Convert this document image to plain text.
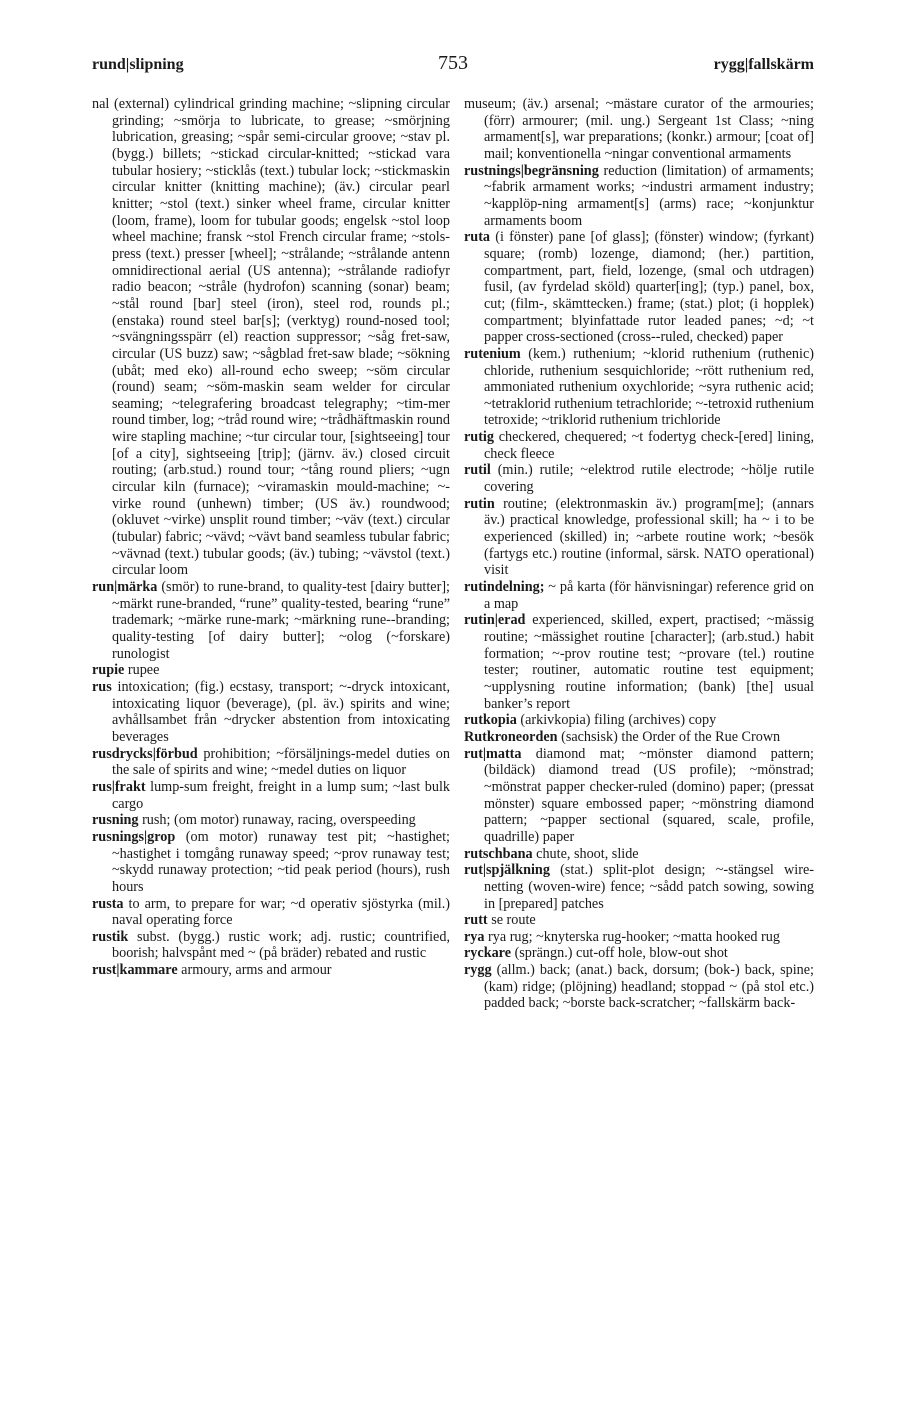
rund|slipning	753	rygg|fallskärm

nal (external) cylindrical grinding machine; ~slipning circular grinding; ~smörja to lubricate, to grease; ~smörjning lubrication, greasing; ~spår semi-circular groove; ~stav pl. (bygg.) billets; ~stickad circular-knitted; ~stickad vara tubular hosiery; ~sticklås (text.) tubular lock; ~stickmaskin circular knitter (knitting machine); (äv.) circular pearl knitter; ~stol (text.) sinker wheel frame, circular knitter (loom, frame), loom for tubular goods; engelsk ~stol loop wheel machine; fransk ~stol French circular frame; ~stols-press (text.) presser [wheel]; ~strålande; ~strålande antenn omnidirectional aerial (US antenna); ~strålande radiofyr radio beacon; ~stråle (hydrofon) scanning (sonar) beam; ~stål round [bar] steel (iron), steel rod, rounds pl.; (enstaka) round steel bar[s]; (verktyg) round-nosed tool; ~svängningsspärr (el) reaction suppressor; ~såg fret-saw, circular (US buzz) saw; ~sågblad fret-saw blade; ~sökning (ubåt; med eko) all-round echo sweep; ~söm circular (round) seam; ~söm-maskin seam welder for circular seaming; ~telegrafering broadcast telegraphy; ~tim-mer round timber, log; ~tråd round wire; ~trådhäftmaskin round wire stapling machine; ~tur circular tour, [sightseeing] tour [of a city], sightseeing [trip]; (järnv. äv.) closed circuit routing; (arb.stud.) round tour; ~tång round pliers; ~ugn circular kiln (furnace); ~viramaskin mould-machine; ~-virke round (unhewn) timber; (US äv.) roundwood; (okluvet ~virke) unsplit round timber; ~väv (text.) circular (tubular) fabric; ~vävd; ~vävt band seamless tubular fabric; ~vävnad (text.) tubular goods; (äv.) tubing; ~vävstol (text.) circular loom

run|märka (smör) to rune-brand, to quality-test [dairy butter]; ~märkt rune-branded, “rune” quality-tested, bearing “rune” trademark; ~märke rune-mark; ~märkning rune--branding; quality-testing [of dairy butter]; ~olog (~forskare) runologist

rupie rupee

rus intoxication; (fig.) ecstasy, transport; ~-dryck intoxicant, intoxicating liquor (beverage), (pl. äv.) spirits and wine; avhållsambet från ~drycker abstention from intoxicating beverages

rusdrycks|förbud prohibition; ~försäljnings-medel duties on the sale of spirits and wine; ~medel duties on liquor

rus|frakt lump-sum freight, freight in a lump sum; ~last bulk cargo

rusning rush; (om motor) runaway, racing, overspeeding

rusnings|grop (om motor) runaway test pit; ~hastighet; ~hastighet i tomgång runaway speed; ~prov runaway test; ~skydd runaway protection; ~tid peak period (hours), rush hours

rusta to arm, to prepare for war; ~d operativ sjöstyrka (mil.) naval operating force

rustik subst. (bygg.) rustic work; adj. rustic; countrified, boorish; halvspånt med ~ (på bräder) rebated and rustic

rust|kammare armoury, arms and armour

museum; (äv.) arsenal; ~mästare curator of the armouries; (förr) armourer; (mil. ung.) Sergeant 1st Class; ~ning armament[s], war preparations; (konkr.) armour; [coat of] mail; konventionella ~ningar conventional armaments

rustnings|begränsning reduction (limitation) of armaments; ~fabrik armament works; ~industri armament industry; ~kapplöp-ning armament[s] (arms) race; ~konjunktur armaments boom

ruta (i fönster) pane [of glass]; (fönster) window; (fyrkant) square; (romb) lozenge, diamond; (her.) partition, compartment, part, field, lozenge, (smal och utdragen) fusil, (av fyrdelad sköld) quarter[ing]; (typ.) panel, box, cut; (film-, skämttecken.) frame; (stat.) plot; (i hopplek) compartment; blyinfattade rutor leaded panes; ~d; ~t papper cross-sectioned (cross--ruled, checked) paper

rutenium (kem.) ruthenium; ~klorid ruthenium (ruthenic) chloride, ruthenium sesquichloride; ~rött ruthenium red, ammoniated ruthenium oxychloride; ~syra ruthenic acid; ~tetraklorid ruthenium tetrachloride; ~-tetroxid ruthenium tetroxide; ~triklorid ruthenium trichloride

rutig checkered, chequered; ~t fodertyg check-[ered] lining, check fleece

rutil (min.) rutile; ~elektrod rutile electrode; ~hölje rutile covering

rutin routine; (elektronmaskin äv.) program[me]; (annars äv.) practical knowledge, professional skill; ha ~ i to be experienced (skilled) in; ~arbete routine work; ~besök (fartygs etc.) routine (informal, särsk. NATO operational) visit

rutindelning; ~ på karta (för hänvisningar) reference grid on a map

rutin|erad experienced, skilled, expert, practised; ~mässig routine; ~mässighet routine [character]; (arb.stud.) habit formation; ~-prov routine test; ~provare (tel.) routine tester; routiner, automatic routine test equipment; ~upplysning routine information; (bank) [the] usual banker’s report

rutkopia (arkivkopia) filing (archives) copy

Rutkroneorden (sachsisk) the Order of the Rue Crown

rut|matta diamond mat; ~mönster diamond pattern; (bildäck) diamond tread (US profile); ~mönstrad; ~mönstrat papper checker-ruled (domino) paper; (pressat mönster) square embossed paper; ~mönstring diamond pattern; ~papper sectional (squared, scale, profile, quadrille) paper

rutschbana chute, shoot, slide

rut|spjälkning (stat.) split-plot design; ~-stängsel wire-netting (woven-wire) fence; ~sådd patch sowing, sowing in [prepared] patches

rutt se route

rya rya rug; ~knyterska rug-hooker; ~matta hooked rug

ryckare (sprängn.) cut-off hole, blow-out shot

rygg (allm.) back; (anat.) back, dorsum; (bok-) back, spine; (kam) ridge; (plöjning) headland; stoppad ~ (på stol etc.) padded back; ~borste back-scratcher; ~fallskärm back-
